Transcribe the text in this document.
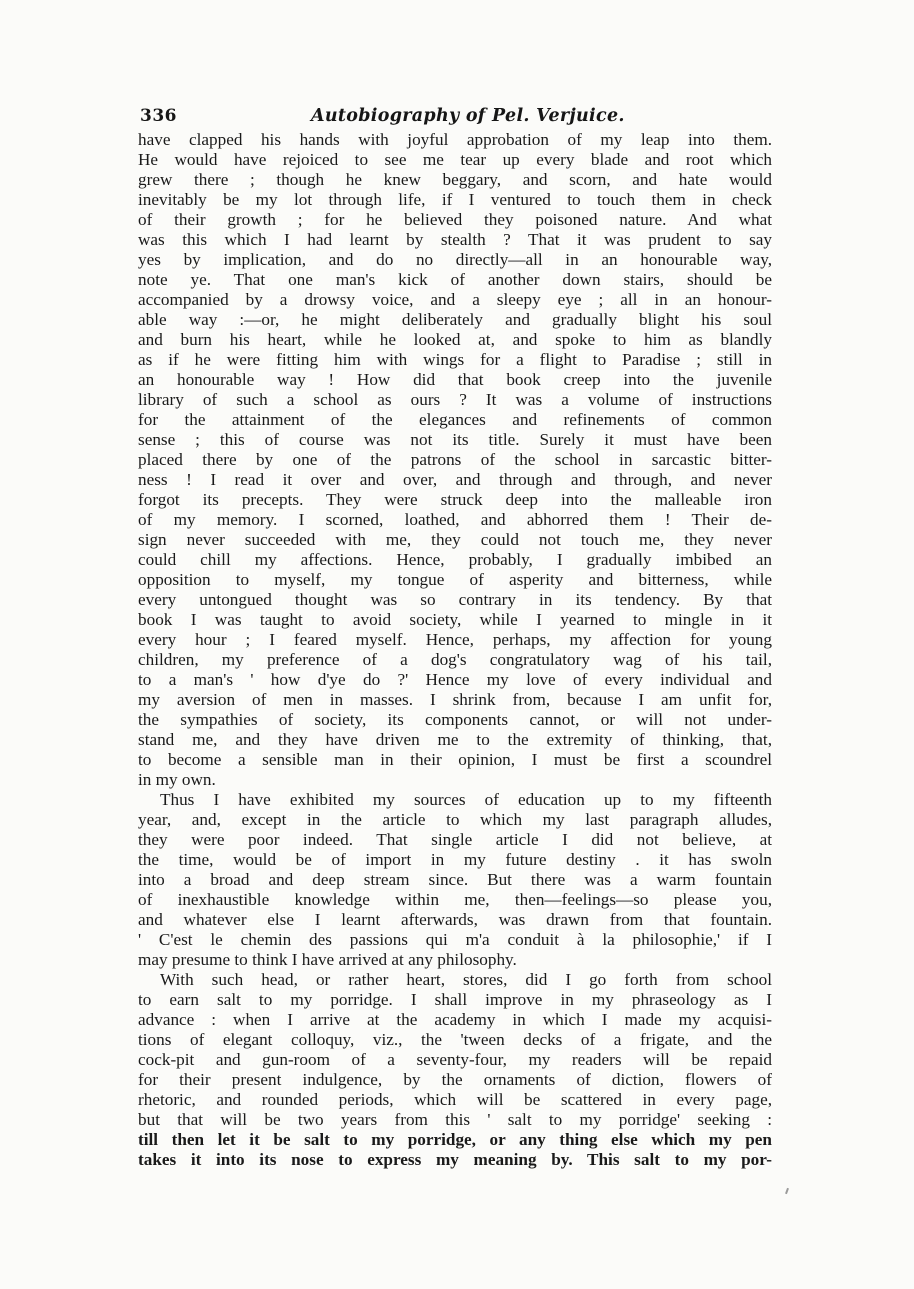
336	Autobiography of Pel. Verjuice.
have clapped his hands with joyful approbation of my leap into them.
He would have rejoiced to see me tear up every blade and root which
grew there ; though he knew beggary, and scorn, and hate would
inevitably be my lot through life, if I ventured to touch them in check
of their growth ; for he believed they poisoned nature. And what
was this which I had learnt by stealth ? That it was prudent to say
yes by implication, and do no directly—all in an honourable way,
note ye. That one man's kick of another down stairs, should be
accompanied by a drowsy voice, and a sleepy eye ; all in an honour-
able way :—or, he might deliberately and gradually blight his soul
and burn his heart, while he looked at, and spoke to him as blandly
as if he were fitting him with wings for a flight to Paradise ; still in
an honourable way ! How did that book creep into the juvenile
library of such a school as ours ? It was a volume of instructions
for the attainment of the elegances and refinements of common
sense ; this of course was not its title. Surely it must have been
placed there by one of the patrons of the school in sarcastic bitter-
ness ! I read it over and over, and through and through, and never
forgot its precepts. They were struck deep into the malleable iron
of my memory. I scorned, loathed, and abhorred them ! Their de-
sign never succeeded with me, they could not touch me, they never
could chill my affections. Hence, probably, I gradually imbibed an
opposition to myself, my tongue of asperity and bitterness, while
every untongued thought was so contrary in its tendency. By that
book I was taught to avoid society, while I yearned to mingle in it
every hour ; I feared myself. Hence, perhaps, my affection for young
children, my preference of a dog's congratulatory wag of his tail,
to a man's ' how d'ye do ?' Hence my love of every individual and
my aversion of men in masses. I shrink from, because I am unfit for,
the sympathies of society, its components cannot, or will not under-
stand me, and they have driven me to the extremity of thinking, that,
to become a sensible man in their opinion, I must be first a scoundrel
in my own.
Thus I have exhibited my sources of education up to my fifteenth
year, and, except in the article to which my last paragraph alludes,
they were poor indeed. That single article I did not believe, at
the time, would be of import in my future destiny . it has swoln
into a broad and deep stream since. But there was a warm fountain
of inexhaustible knowledge within me, then—feelings—so please you,
and whatever else I learnt afterwards, was drawn from that fountain.
' C'est le chemin des passions qui m'a conduit à la philosophie,' if I
may presume to think I have arrived at any philosophy.
With such head, or rather heart, stores, did I go forth from school
to earn salt to my porridge. I shall improve in my phraseology as I
advance : when I arrive at the academy in which I made my acquisi-
tions of elegant colloquy, viz., the 'tween decks of a frigate, and the
cock-pit and gun-room of a seventy-four, my readers will be repaid
for their present indulgence, by the ornaments of diction, flowers of
rhetoric, and rounded periods, which will be scattered in every page,
but that will be two years from this ' salt to my porridge' seeking :
till then let it be salt to my porridge, or any thing else which my pen
takes it into its nose to express my meaning by. This salt to my por-
